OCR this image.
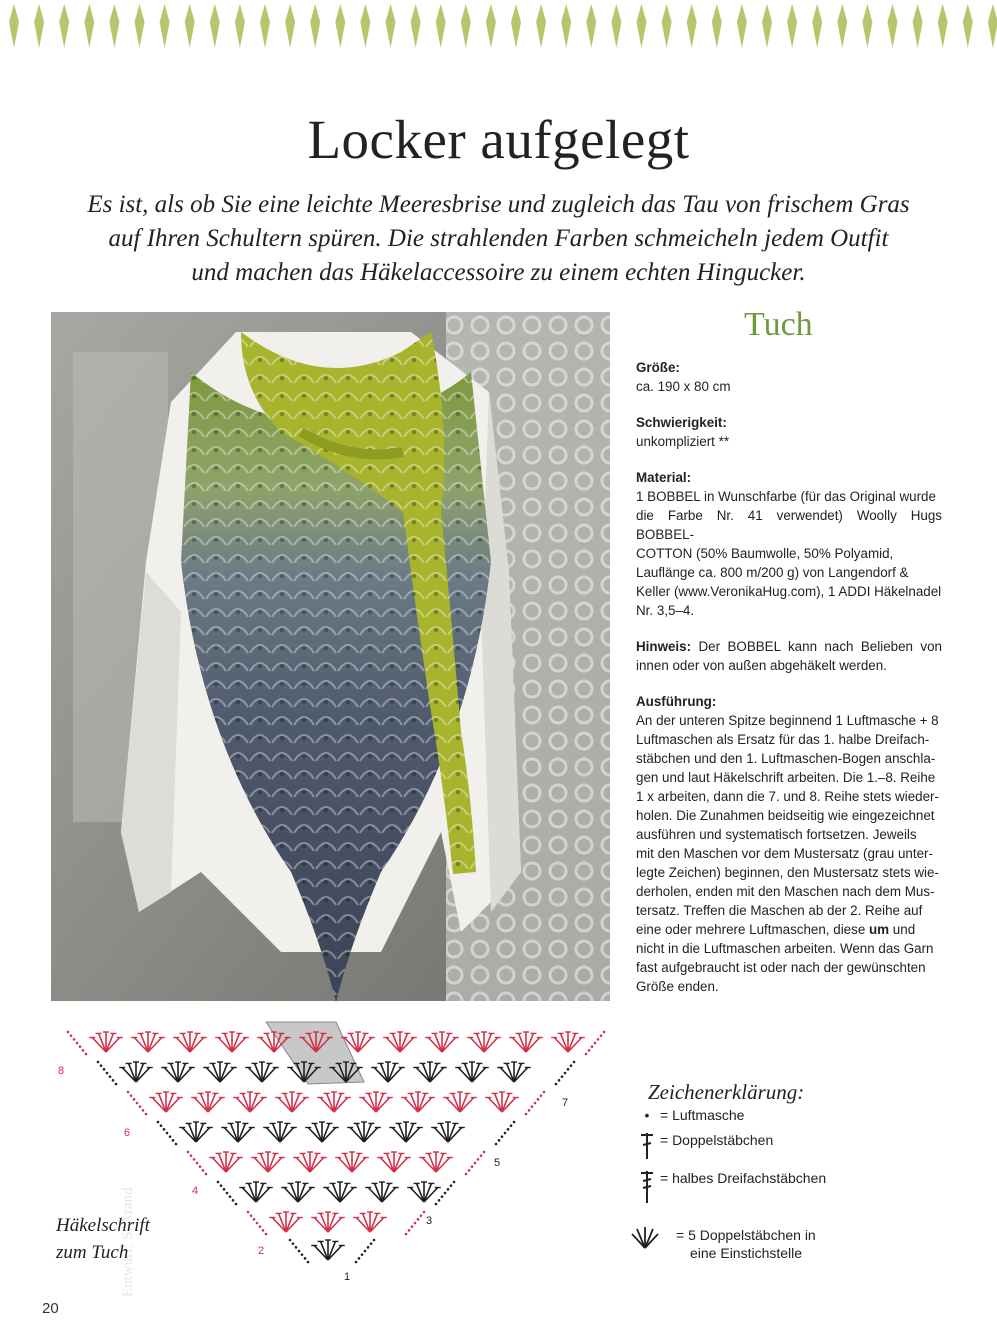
Locker aufgelegt
Es ist, als ob Sie eine leichte Meeresbrise und zugleich das Tau von frischem Gras
auf Ihren Schultern spüren. Die strahlenden Farben schmeicheln jedem Outfit
und machen das Häkelaccessoire zu einem echten Hingucker.
Entwurf: S. Arand
Tuch
Größe:
ca. 190 x 80 cm
Schwierigkeit:
unkompliziert **
Material:
1 BOBBEL in Wunschfarbe (für das Original wurde
die Farbe Nr. 41 verwendet) Woolly Hugs BOBBEL-
COTTON (50% Baumwolle, 50% Polyamid,
Lauflänge ca. 800 m/200 g) von Langendorf &
Keller (www.VeronikaHug.com), 1 ADDI Häkelnadel
Nr. 3,5–4.
Hinweis: Der BOBBEL kann nach Belieben von innen oder von außen abgehäkelt werden.
Ausführung:
An der unteren Spitze beginnend 1 Luftmasche + 8
Luftmaschen als Ersatz für das 1. halbe Dreifach-
stäbchen und den 1. Luftmaschen-Bogen anschla-
gen und laut Häkelschrift arbeiten. Die 1.–8. Reihe
1 x arbeiten, dann die 7. und 8. Reihe stets wieder-
holen. Die Zunahmen beidseitig wie eingezeichnet
ausführen und systematisch fortsetzen. Jeweils
mit den Maschen vor dem Mustersatz (grau unter-
legte Zeichen) beginnen, den Mustersatz stets wie-
derholen, enden mit den Maschen nach dem Mus-
tersatz. Treffen die Maschen ab der 2. Reihe auf
eine oder mehrere Luftmaschen, diese um und
nicht in die Luftmaschen arbeiten. Wenn das Garn
fast aufgebraucht ist oder nach der gewünschten
Größe enden.
8
6
4
2
7
5
3
1
Häkelschrift
zum Tuch
Zeichenerklärung:
• = Luftmasche
= Doppelstäbchen
= halbes Dreifachstäbchen
= 5 Doppelstäbchen in
eine Einstichstelle
20
